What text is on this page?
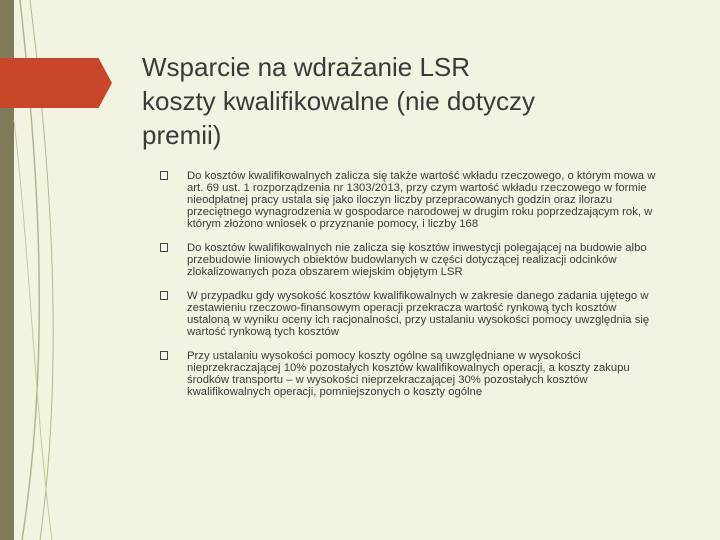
Wsparcie na wdrażanie LSR
koszty kwalifikowalne (nie dotyczy
premii)
Do kosztów kwalifikowalnych zalicza się także wartość wkładu rzeczowego, o którym mowa w art. 69 ust. 1 rozporządzenia nr 1303/2013, przy czym wartość wkładu rzeczowego w formie nieodpłatnej pracy ustala się jako iloczyn liczby przepracowanych godzin oraz ilorazu przeciętnego wynagrodzenia w gospodarce narodowej w drugim roku poprzedzającym rok, w którym złożono wniosek o przyznanie pomocy, i liczby 168
Do kosztów kwalifikowalnych nie zalicza się kosztów inwestycji polegającej na budowie albo przebudowie liniowych obiektów budowlanych w części dotyczącej realizacji odcinków zlokalizowanych poza obszarem wiejskim objętym LSR
W przypadku gdy wysokość kosztów kwalifikowalnych w zakresie danego zadania ujętego w zestawieniu rzeczowo-finansowym operacji przekracza wartość rynkową tych kosztów ustaloną w wyniku oceny ich racjonalności, przy ustalaniu wysokości pomocy uwzględnia się wartość rynkową tych kosztów
Przy ustalaniu wysokości pomocy koszty ogólne są uwzględniane w wysokości nieprzekraczającej 10% pozostałych kosztów kwalifikowalnych operacji, a koszty zakupu środków transportu – w wysokości nieprzekraczającej 30% pozostałych kosztów kwalifikowalnych operacji, pomniejszonych o koszty ogólne
